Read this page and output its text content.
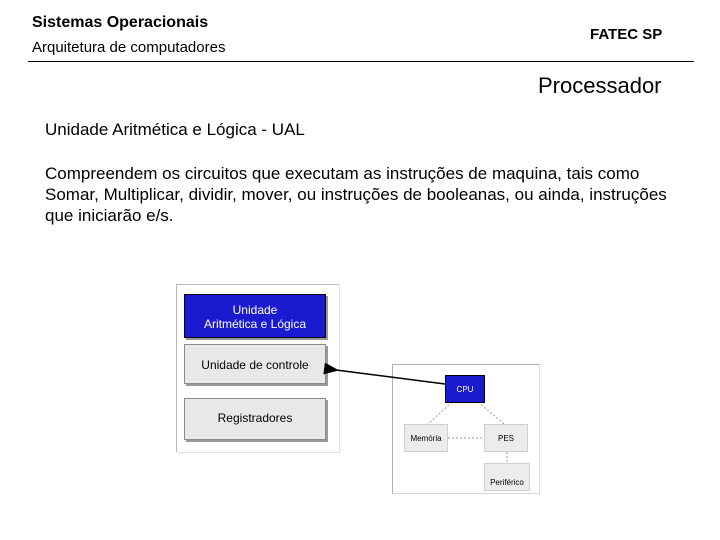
Sistemas Operacionais
Arquitetura de computadores
FATEC SP
Processador
Unidade Aritmética e Lógica - UAL
Compreendem os circuitos que executam as instruções de maquina, tais como Somar, Multiplicar, dividir, mover, ou instruções de booleanas, ou ainda, instruções que iniciarão e/s.
Unidade
Aritmética e Lógica
Unidade de controle
Registradores
CPU
Memória	PES
Periférico
